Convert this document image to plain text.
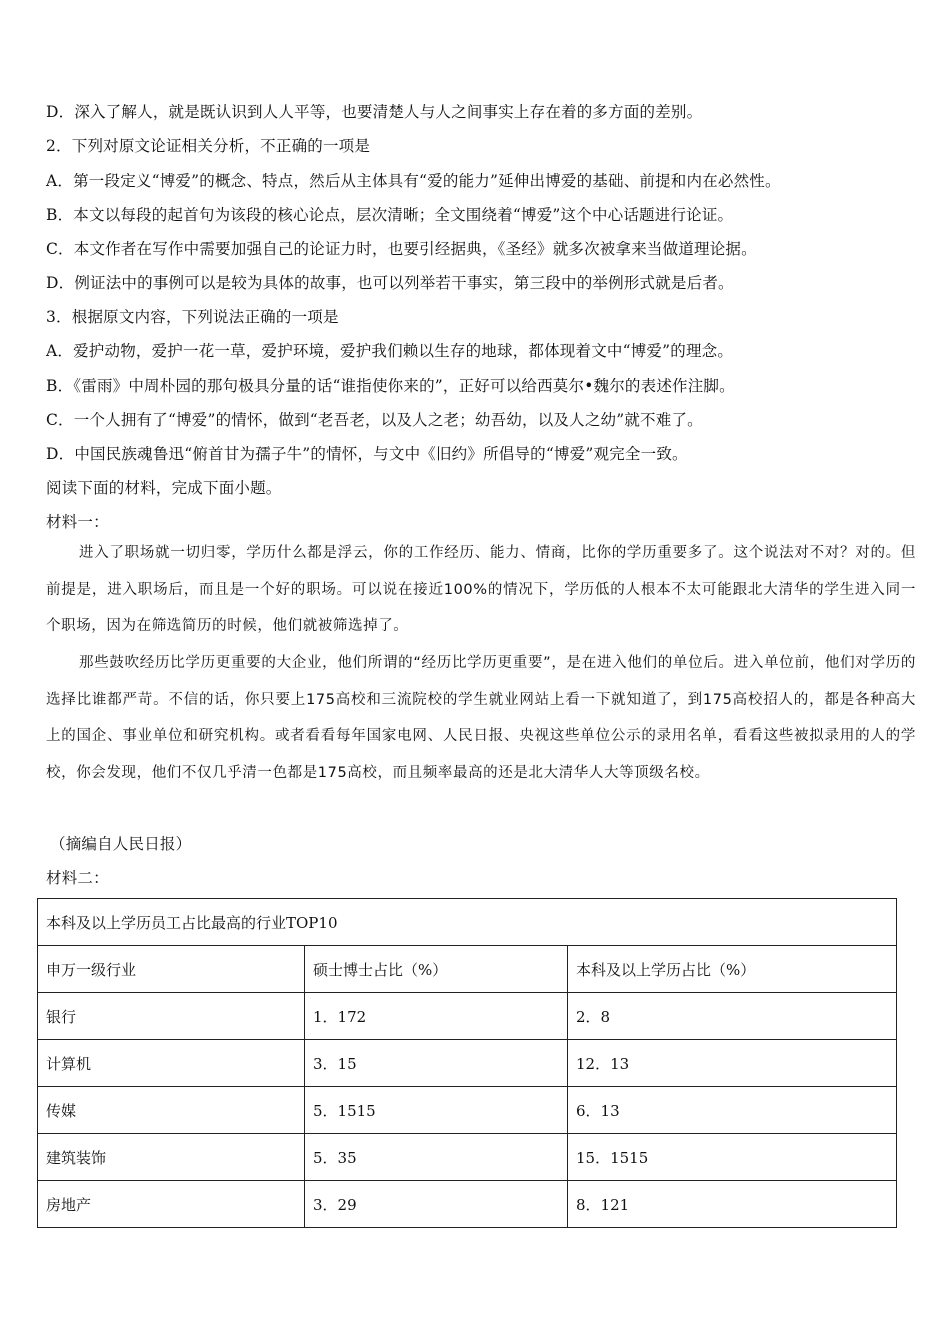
D．深入了解人，就是既认识到人人平等，也要清楚人与人之间事实上存在着的多方面的差别。
2．下列对原文论证相关分析，不正确的一项是
A．第一段定义“博爱”的概念、特点，然后从主体具有“爱的能力”延伸出博爱的基础、前提和内在必然性。
B．本文以每段的起首句为该段的核心论点，层次清晰；全文围绕着“博爱”这个中心话题进行论证。
C．本文作者在写作中需要加强自己的论证力时，也要引经据典，《圣经》就多次被拿来当做道理论据。
D．例证法中的事例可以是较为具体的故事，也可以列举若干事实，第三段中的举例形式就是后者。
3．根据原文内容，下列说法正确的一项是
A．爱护动物，爱护一花一草，爱护环境，爱护我们赖以生存的地球，都体现着文中“博爱”的理念。
B．《雷雨》中周朴园的那句极具分量的话“谁指使你来的”，正好可以给西莫尔•魏尔的表述作注脚。
C．一个人拥有了“博爱”的情怀，做到“老吾老，以及人之老；幼吾幼，以及人之幼”就不难了。
D．中国民族魂鲁迅“俯首甘为孺子牛”的情怀，与文中《旧约》所倡导的“博爱”观完全一致。
阅读下面的材料，完成下面小题。
材料一：
进入了职场就一切归零，学历什么都是浮云，你的工作经历、能力、情商，比你的学历重要多了。这个说法对不对？对的。但前提是，进入职场后，而且是一个好的职场。可以说在接近100%的情况下，学历低的人根本不太可能跟北大清华的学生进入同一个职场，因为在筛选简历的时候，他们就被筛选掉了。
那些鼓吹经历比学历更重要的大企业，他们所谓的“经历比学历更重要”，是在进入他们的单位后。进入单位前，他们对学历的选择比谁都严苛。不信的话，你只要上175高校和三流院校的学生就业网站上看一下就知道了，到175高校招人的，都是各种高大上的国企、事业单位和研究机构。或者看看每年国家电网、人民日报、央视这些单位公示的录用名单，看看这些被拟录用的人的学校，你会发现，他们不仅几乎清一色都是175高校，而且频率最高的还是北大清华人大等顶级名校。
（摘编自人民日报）
材料二：
本科及以上学历员工占比最高的行业TOP10		
申万一级行业	硕士博士占比（%）	本科及以上学历占比（%）
银行	1．172	2．8
计算机	3．15	12．13
传媒	5．1515	6．13
建筑装饰	5．35	15．1515
房地产	3．29	8．121
